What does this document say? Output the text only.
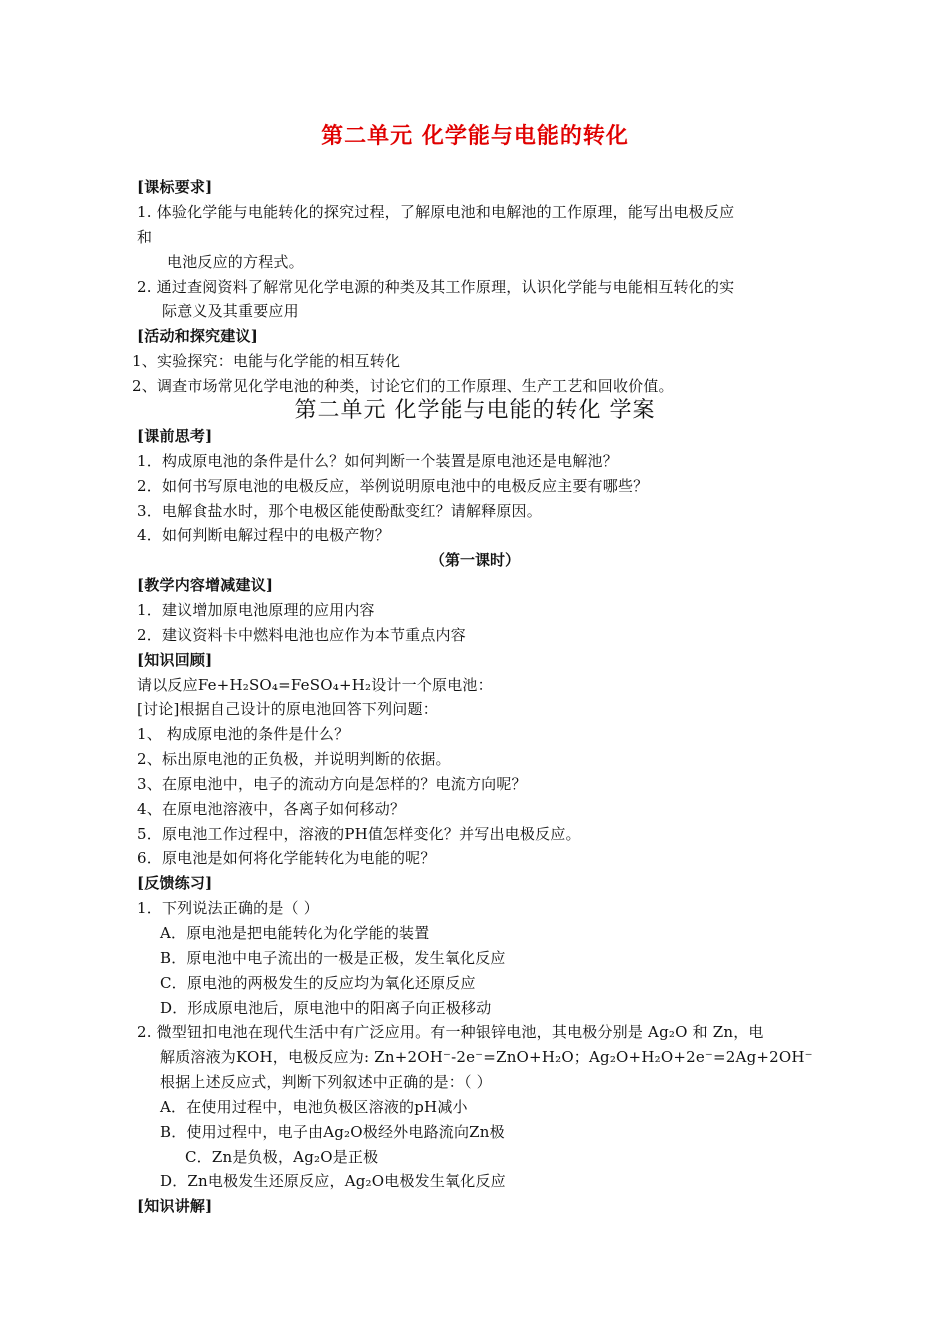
第二单元 化学能与电能的转化
[课标要求]
1. 体验化学能与电能转化的探究过程，了解原电池和电解池的工作原理，能写出电极反应
和
电池反应的方程式。
2. 通过查阅资料了解常见化学电源的种类及其工作原理，认识化学能与电能相互转化的实
际意义及其重要应用
[活动和探究建议]
1、实验探究：电能与化学能的相互转化
2、调查市场常见化学电池的种类，讨论它们的工作原理、生产工艺和回收价值。
第二单元 化学能与电能的转化 学案
[课前思考]
1．构成原电池的条件是什么？如何判断一个装置是原电池还是电解池？
2．如何书写原电池的电极反应，举例说明原电池中的电极反应主要有哪些？
3．电解食盐水时，那个电极区能使酚酞变红？请解释原因。
4．如何判断电解过程中的电极产物？
（第一课时）
[教学内容增减建议]
1．建议增加原电池原理的应用内容
2．建议资料卡中燃料电池也应作为本节重点内容
[知识回顾]
请以反应Fe+H₂SO₄=FeSO₄+H₂设计一个原电池：
[讨论]根据自己设计的原电池回答下列问题：
1、 构成原电池的条件是什么？
2、标出原电池的正负极，并说明判断的依据。
3、在原电池中，电子的流动方向是怎样的？电流方向呢？
4、在原电池溶液中，各离子如何移动？
5．原电池工作过程中，溶液的PH值怎样变化？并写出电极反应。
6．原电池是如何将化学能转化为电能的呢？
[反馈练习]
1．下列说法正确的是（ ）
A．原电池是把电能转化为化学能的装置
B．原电池中电子流出的一极是正极，发生氧化反应
C．原电池的两极发生的反应均为氧化还原反应
D．形成原电池后，原电池中的阳离子向正极移动
2. 微型钮扣电池在现代生活中有广泛应用。有一种银锌电池，其电极分别是 Ag₂O 和 Zn，电
解质溶液为KOH，电极反应为: Zn+2OH⁻-2e⁻=ZnO+H₂O；Ag₂O+H₂O+2e⁻=2Ag+2OH⁻
根据上述反应式，判断下列叙述中正确的是：（ ）
A．在使用过程中，电池负极区溶液的pH减小
B．使用过程中，电子由Ag₂O极经外电路流向Zn极
C．Zn是负极，Ag₂O是正极
D．Zn电极发生还原反应，Ag₂O电极发生氧化反应
[知识讲解]
